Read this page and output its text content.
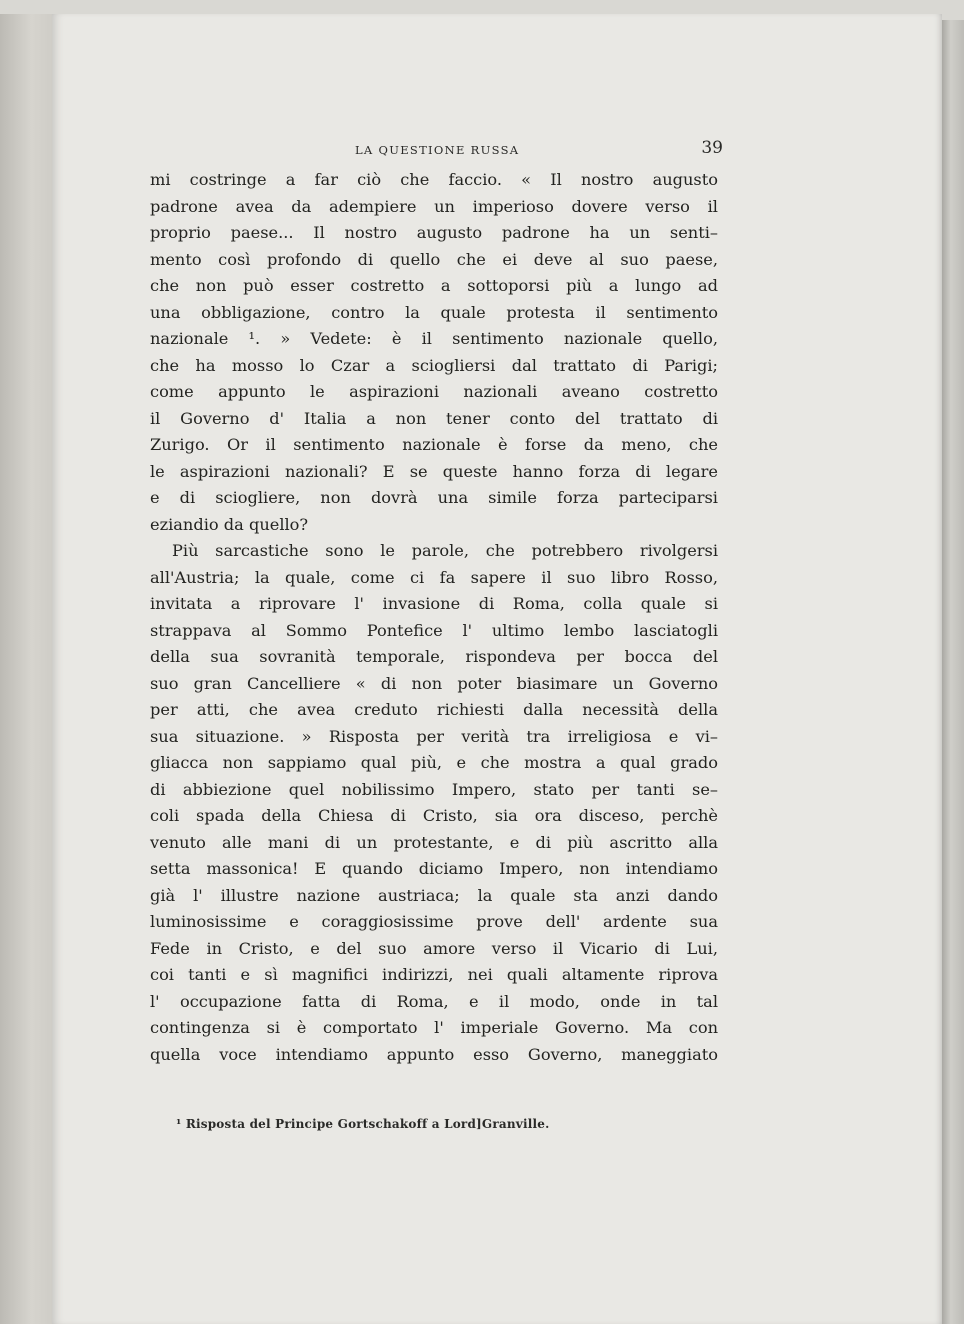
LA QUESTIONE RUSSA	39
mi costringe a far ciò che faccio. « Il nostro augusto
padrone avea da adempiere un imperioso dovere verso il
proprio paese... Il nostro augusto padrone ha un senti–
mento così profondo di quello che ei deve al suo paese,
che non può esser costretto a sottoporsi più a lungo ad
una obbligazione, contro la quale protesta il sentimento
nazionale ¹. » Vedete: è il sentimento nazionale quello,
che ha mosso lo Czar a sciogliersi dal trattato di Parigi;
come appunto le aspirazioni nazionali aveano costretto
il Governo d' Italia a non tener conto del trattato di
Zurigo. Or il sentimento nazionale è forse da meno, che
le aspirazioni nazionali? E se queste hanno forza di legare
e di sciogliere, non dovrà una simile forza parteciparsi
eziandio da quello?
Più sarcastiche sono le parole, che potrebbero rivolgersi
all'Austria; la quale, come ci fa sapere il suo libro Rosso,
invitata a riprovare l' invasione di Roma, colla quale si
strappava al Sommo Pontefice l' ultimo lembo lasciatogli
della sua sovranità temporale, rispondeva per bocca del
suo gran Cancelliere « di non poter biasimare un Governo
per atti, che avea creduto richiesti dalla necessità della
sua situazione. » Risposta per verità tra irreligiosa e vi–
gliacca non sappiamo qual più, e che mostra a qual grado
di abbiezione quel nobilissimo Impero, stato per tanti se–
coli spada della Chiesa di Cristo, sia ora disceso, perchè
venuto alle mani di un protestante, e di più ascritto alla
setta massonica! E quando diciamo Impero, non intendiamo
già l' illustre nazione austriaca; la quale sta anzi dando
luminosissime e coraggiosissime prove dell' ardente sua
Fede in Cristo, e del suo amore verso il Vicario di Lui,
coi tanti e sì magnifici indirizzi, nei quali altamente riprova
l' occupazione fatta di Roma, e il modo, onde in tal
contingenza si è comportato l' imperiale Governo. Ma con
quella voce intendiamo appunto esso Governo, maneggiato
¹ Risposta del Principe Gortschakoff a Lord]Granville.
